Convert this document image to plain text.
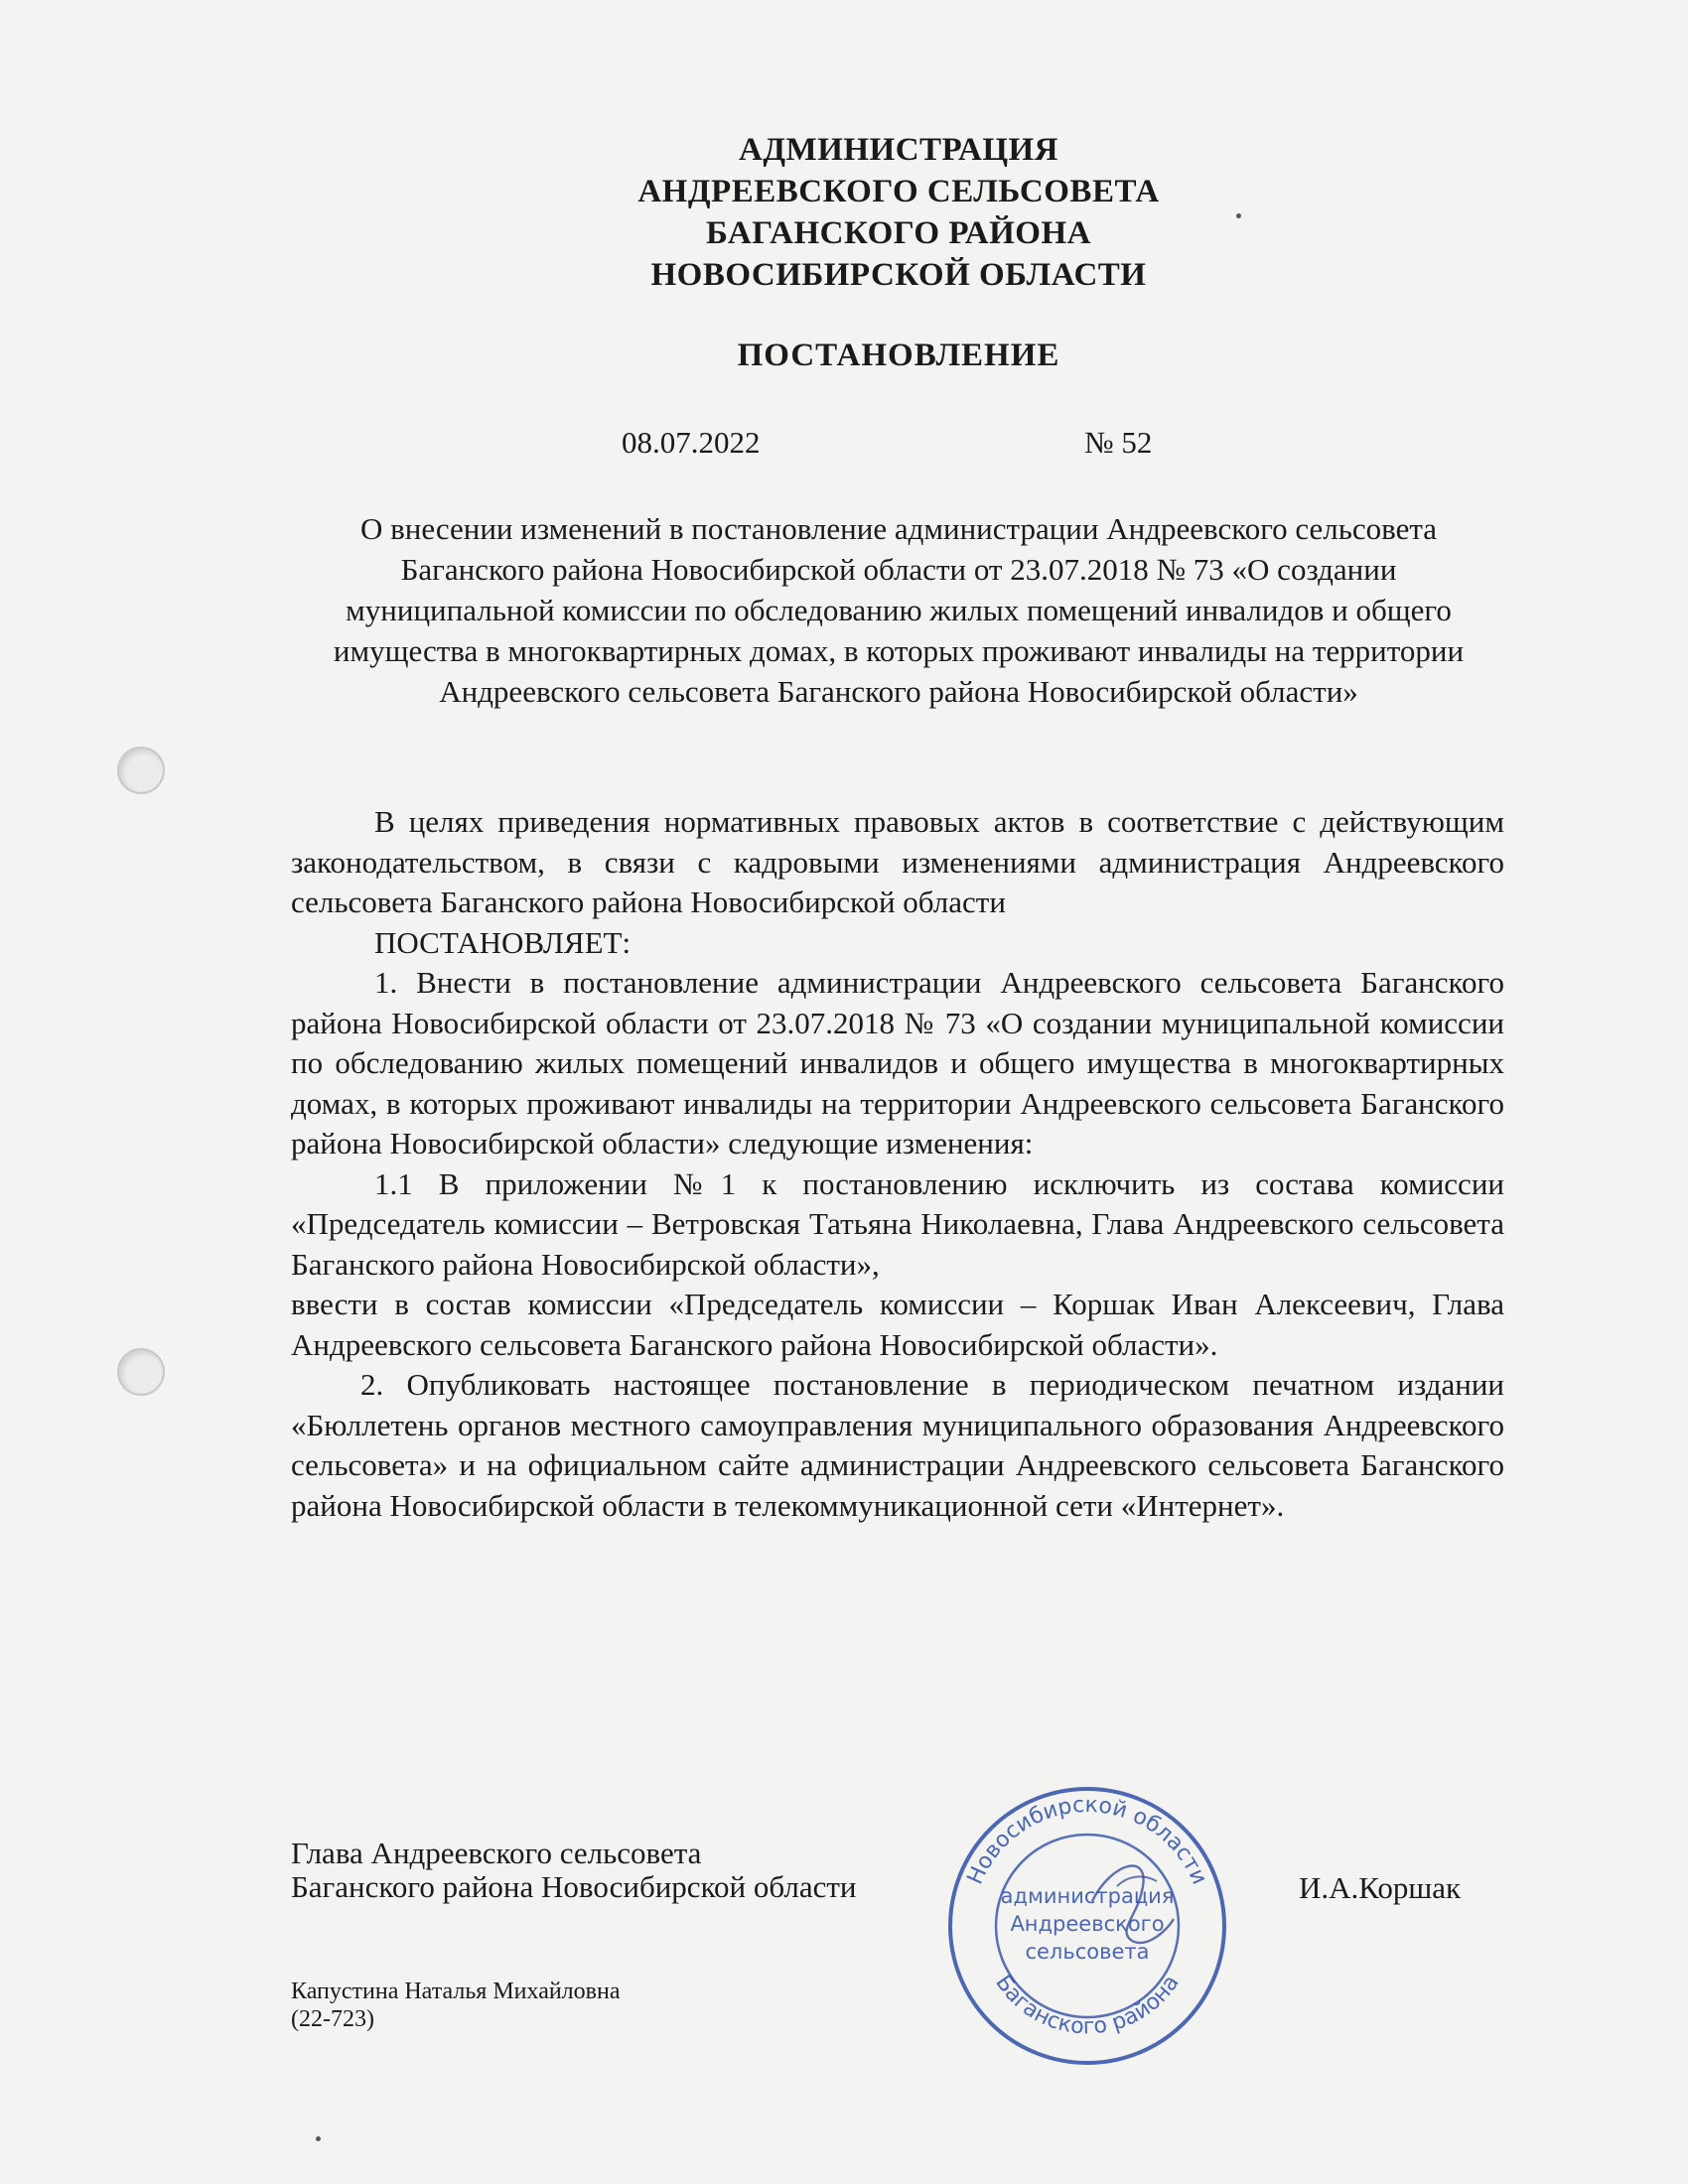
АДМИНИСТРАЦИЯ
АНДРЕЕВСКОГО СЕЛЬСОВЕТА
БАГАНСКОГО РАЙОНА
НОВОСИБИРСКОЙ ОБЛАСТИ
ПОСТАНОВЛЕНИЕ
08.07.2022	№ 52
О внесении изменений в постановление администрации Андреевского сельсовета Баганского района Новосибирской области от 23.07.2018 № 73 «О создании муниципальной комиссии по обследованию жилых помещений инвалидов и общего имущества в многоквартирных домах, в которых проживают инвалиды на территории Андреевского сельсовета Баганского района Новосибирской области»

В целях приведения нормативных правовых актов в соответствие с действующим законодательством, в связи с кадровыми изменениями администрация Андреевского сельсовета Баганского района Новосибирской области

ПОСТАНОВЛЯЕТ:

1. Внести в постановление администрации Андреевского сельсовета Баганского района Новосибирской области от 23.07.2018 № 73 «О создании муниципальной комиссии по обследованию жилых помещений инвалидов и общего имущества в многоквартирных домах, в которых проживают инвалиды на территории Андреевского сельсовета Баганского района Новосибирской области» следующие изменения:

1.1 В приложении №1 к постановлению исключить из состава комиссии «Председатель комиссии – Ветровская Татьяна Николаевна, Глава Андреевского сельсовета Баганского района Новосибирской области»,

ввести в состав комиссии «Председатель комиссии – Коршак Иван Алексеевич, Глава Андреевского сельсовета Баганского района Новосибирской области».

2. Опубликовать настоящее постановление в периодическом печатном издании «Бюллетень органов местного самоуправления муниципального образования Андреевского сельсовета» и на официальном сайте администрации Андреевского сельсовета Баганского района Новосибирской области в телекоммуникационной сети «Интернет».

Глава Андреевского сельсовета
Баганского района Новосибирской области	И.А.Коршак
Капустина Наталья Михайловна
(22-723)
Новосибирской области
Баганского района
администрация
Андреевского
сельсовета
